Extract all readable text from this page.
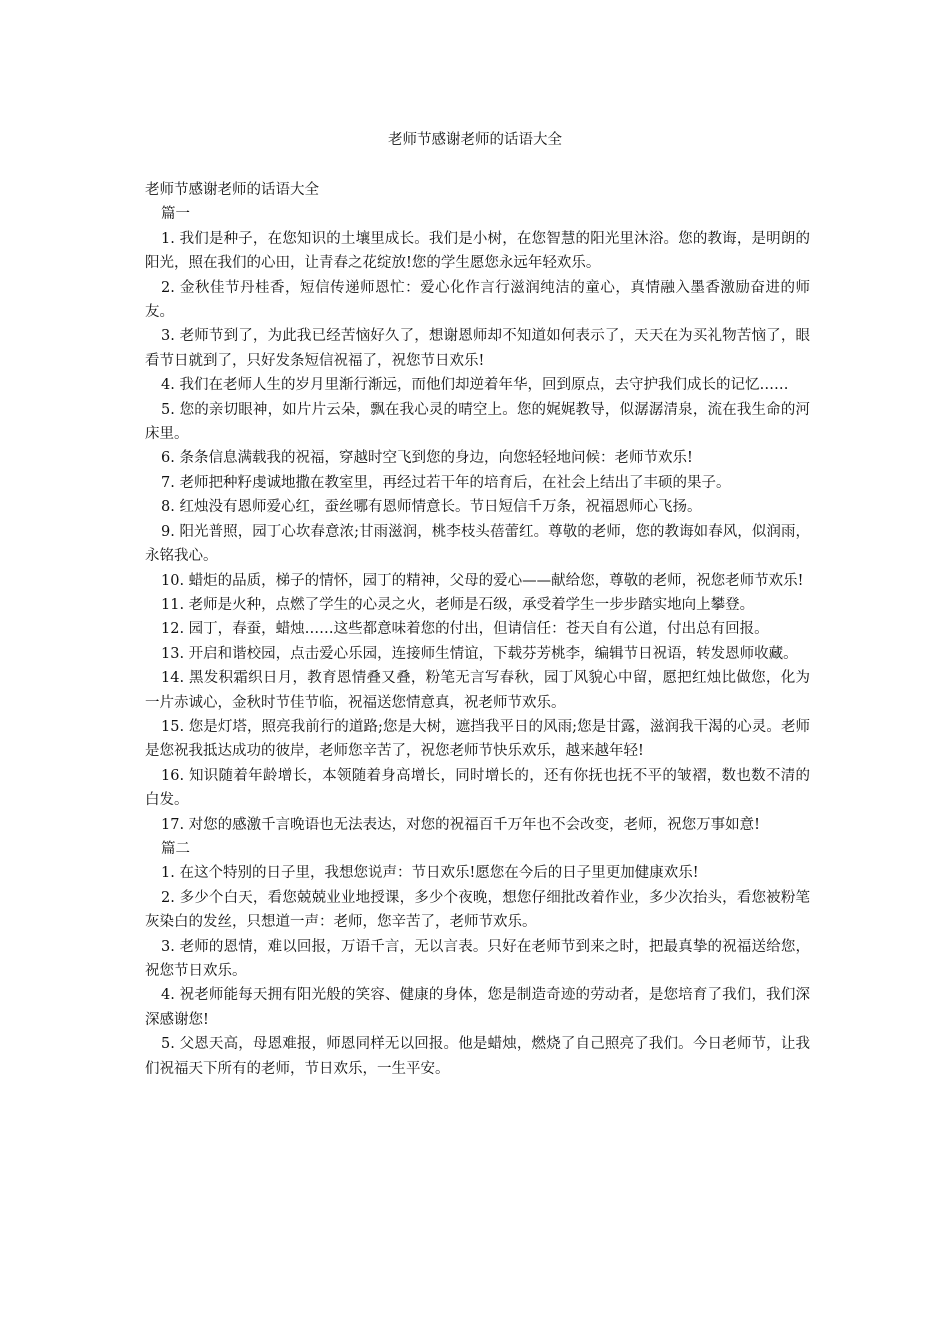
老师节感谢老师的话语大全

老师节感谢老师的话语大全

篇一

1. 我们是种子，在您知识的土壤里成长。我们是小树，在您智慧的阳光里沐浴。您的教诲，是明朗的阳光，照在我们的心田，让青春之花绽放!您的学生愿您永远年轻欢乐。

2. 金秋佳节丹桂香，短信传递师恩忙：爱心化作言行滋润纯洁的童心，真情融入墨香激励奋进的师友。

3. 老师节到了，为此我已经苦恼好久了，想谢恩师却不知道如何表示了，天天在为买礼物苦恼了，眼看节日就到了，只好发条短信祝福了，祝您节日欢乐!

4. 我们在老师人生的岁月里渐行渐远，而他们却逆着年华，回到原点，去守护我们成长的记忆……

5. 您的亲切眼神，如片片云朵，飘在我心灵的晴空上。您的娓娓教导，似潺潺清泉，流在我生命的河床里。

6. 条条信息满载我的祝福，穿越时空飞到您的身边，向您轻轻地问候：老师节欢乐!

7. 老师把种籽虔诚地撒在教室里，再经过若干年的培育后，在社会上结出了丰硕的果子。

8. 红烛没有恩师爱心红，蚕丝哪有恩师情意长。节日短信千万条，祝福恩师心飞扬。

9. 阳光普照，园丁心坎春意浓;甘雨滋润，桃李枝头蓓蕾红。尊敬的老师，您的教诲如春风，似润雨，永铭我心。

10. 蜡炬的品质，梯子的情怀，园丁的精神，父母的爱心——献给您，尊敬的老师，祝您老师节欢乐!

11. 老师是火种，点燃了学生的心灵之火，老师是石级，承受着学生一步步踏实地向上攀登。

12. 园丁，春蚕，蜡烛……这些都意味着您的付出，但请信任：苍天自有公道，付出总有回报。

13. 开启和谐校园，点击爱心乐园，连接师生情谊，下载芬芳桃李，编辑节日祝语，转发恩师收藏。

14. 黑发积霜织日月，教育恩情叠又叠，粉笔无言写春秋，园丁风貌心中留，愿把红烛比做您，化为一片赤诚心，金秋时节佳节临，祝福送您情意真，祝老师节欢乐。

15. 您是灯塔，照亮我前行的道路;您是大树，遮挡我平日的风雨;您是甘露，滋润我干渴的心灵。老师是您祝我抵达成功的彼岸，老师您辛苦了，祝您老师节快乐欢乐，越来越年轻!

16. 知识随着年龄增长，本领随着身高增长，同时增长的，还有你抚也抚不平的皱褶，数也数不清的白发。

17. 对您的感激千言晚语也无法表达，对您的祝福百千万年也不会改变，老师，祝您万事如意!

篇二

1. 在这个特别的日子里，我想您说声：节日欢乐!愿您在今后的日子里更加健康欢乐!

2. 多少个白天，看您兢兢业业地授课，多少个夜晚，想您仔细批改着作业，多少次抬头，看您被粉笔灰染白的发丝，只想道一声：老师，您辛苦了，老师节欢乐。

3. 老师的恩情，难以回报，万语千言，无以言表。只好在老师节到来之时，把最真挚的祝福送给您，祝您节日欢乐。

4. 祝老师能每天拥有阳光般的笑容、健康的身体，您是制造奇迹的劳动者，是您培育了我们，我们深深感谢您!

5. 父恩天高，母恩难报，师恩同样无以回报。他是蜡烛，燃烧了自己照亮了我们。今日老师节，让我们祝福天下所有的老师，节日欢乐，一生平安。
